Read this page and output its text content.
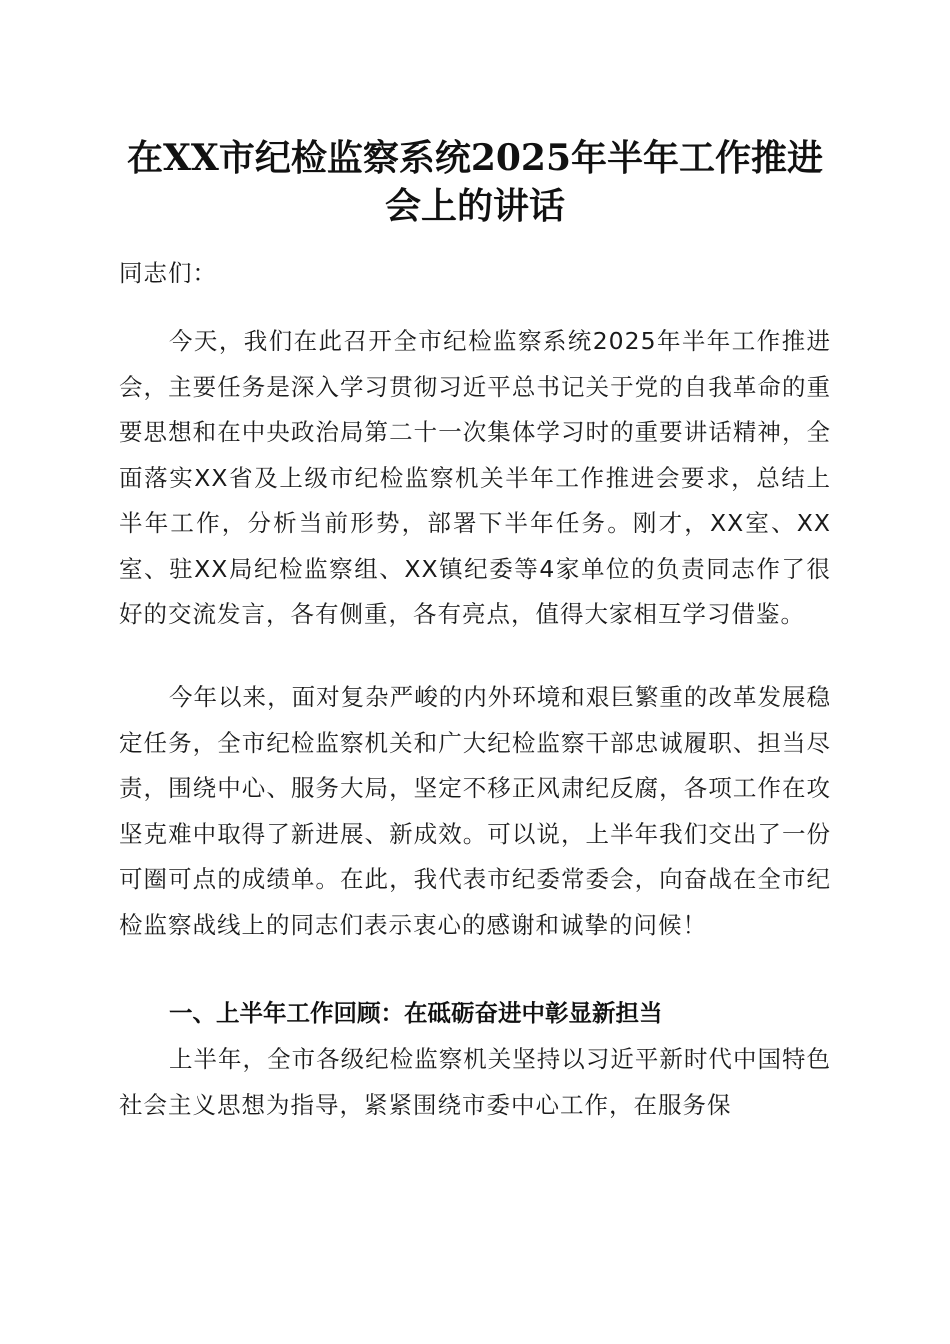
在XX市纪检监察系统2025年半年工作推进会上的讲话

同志们：

今天，我们在此召开全市纪检监察系统2025年半年工作推进会，主要任务是深入学习贯彻习近平总书记关于党的自我革命的重要思想和在中央政治局第二十一次集体学习时的重要讲话精神，全面落实XX省及上级市纪检监察机关半年工作推进会要求，总结上半年工作，分析当前形势，部署下半年任务。刚才，XX室、XX室、驻XX局纪检监察组、XX镇纪委等4家单位的负责同志作了很好的交流发言，各有侧重，各有亮点，值得大家相互学习借鉴。

今年以来，面对复杂严峻的内外环境和艰巨繁重的改革发展稳定任务，全市纪检监察机关和广大纪检监察干部忠诚履职、担当尽责，围绕中心、服务大局，坚定不移正风肃纪反腐，各项工作在攻坚克难中取得了新进展、新成效。可以说，上半年我们交出了一份可圈可点的成绩单。在此，我代表市纪委常委会，向奋战在全市纪检监察战线上的同志们表示衷心的感谢和诚挚的问候！

一、上半年工作回顾：在砥砺奋进中彰显新担当

上半年，全市各级纪检监察机关坚持以习近平新时代中国特色社会主义思想为指导，紧紧围绕市委中心工作，在服务保
